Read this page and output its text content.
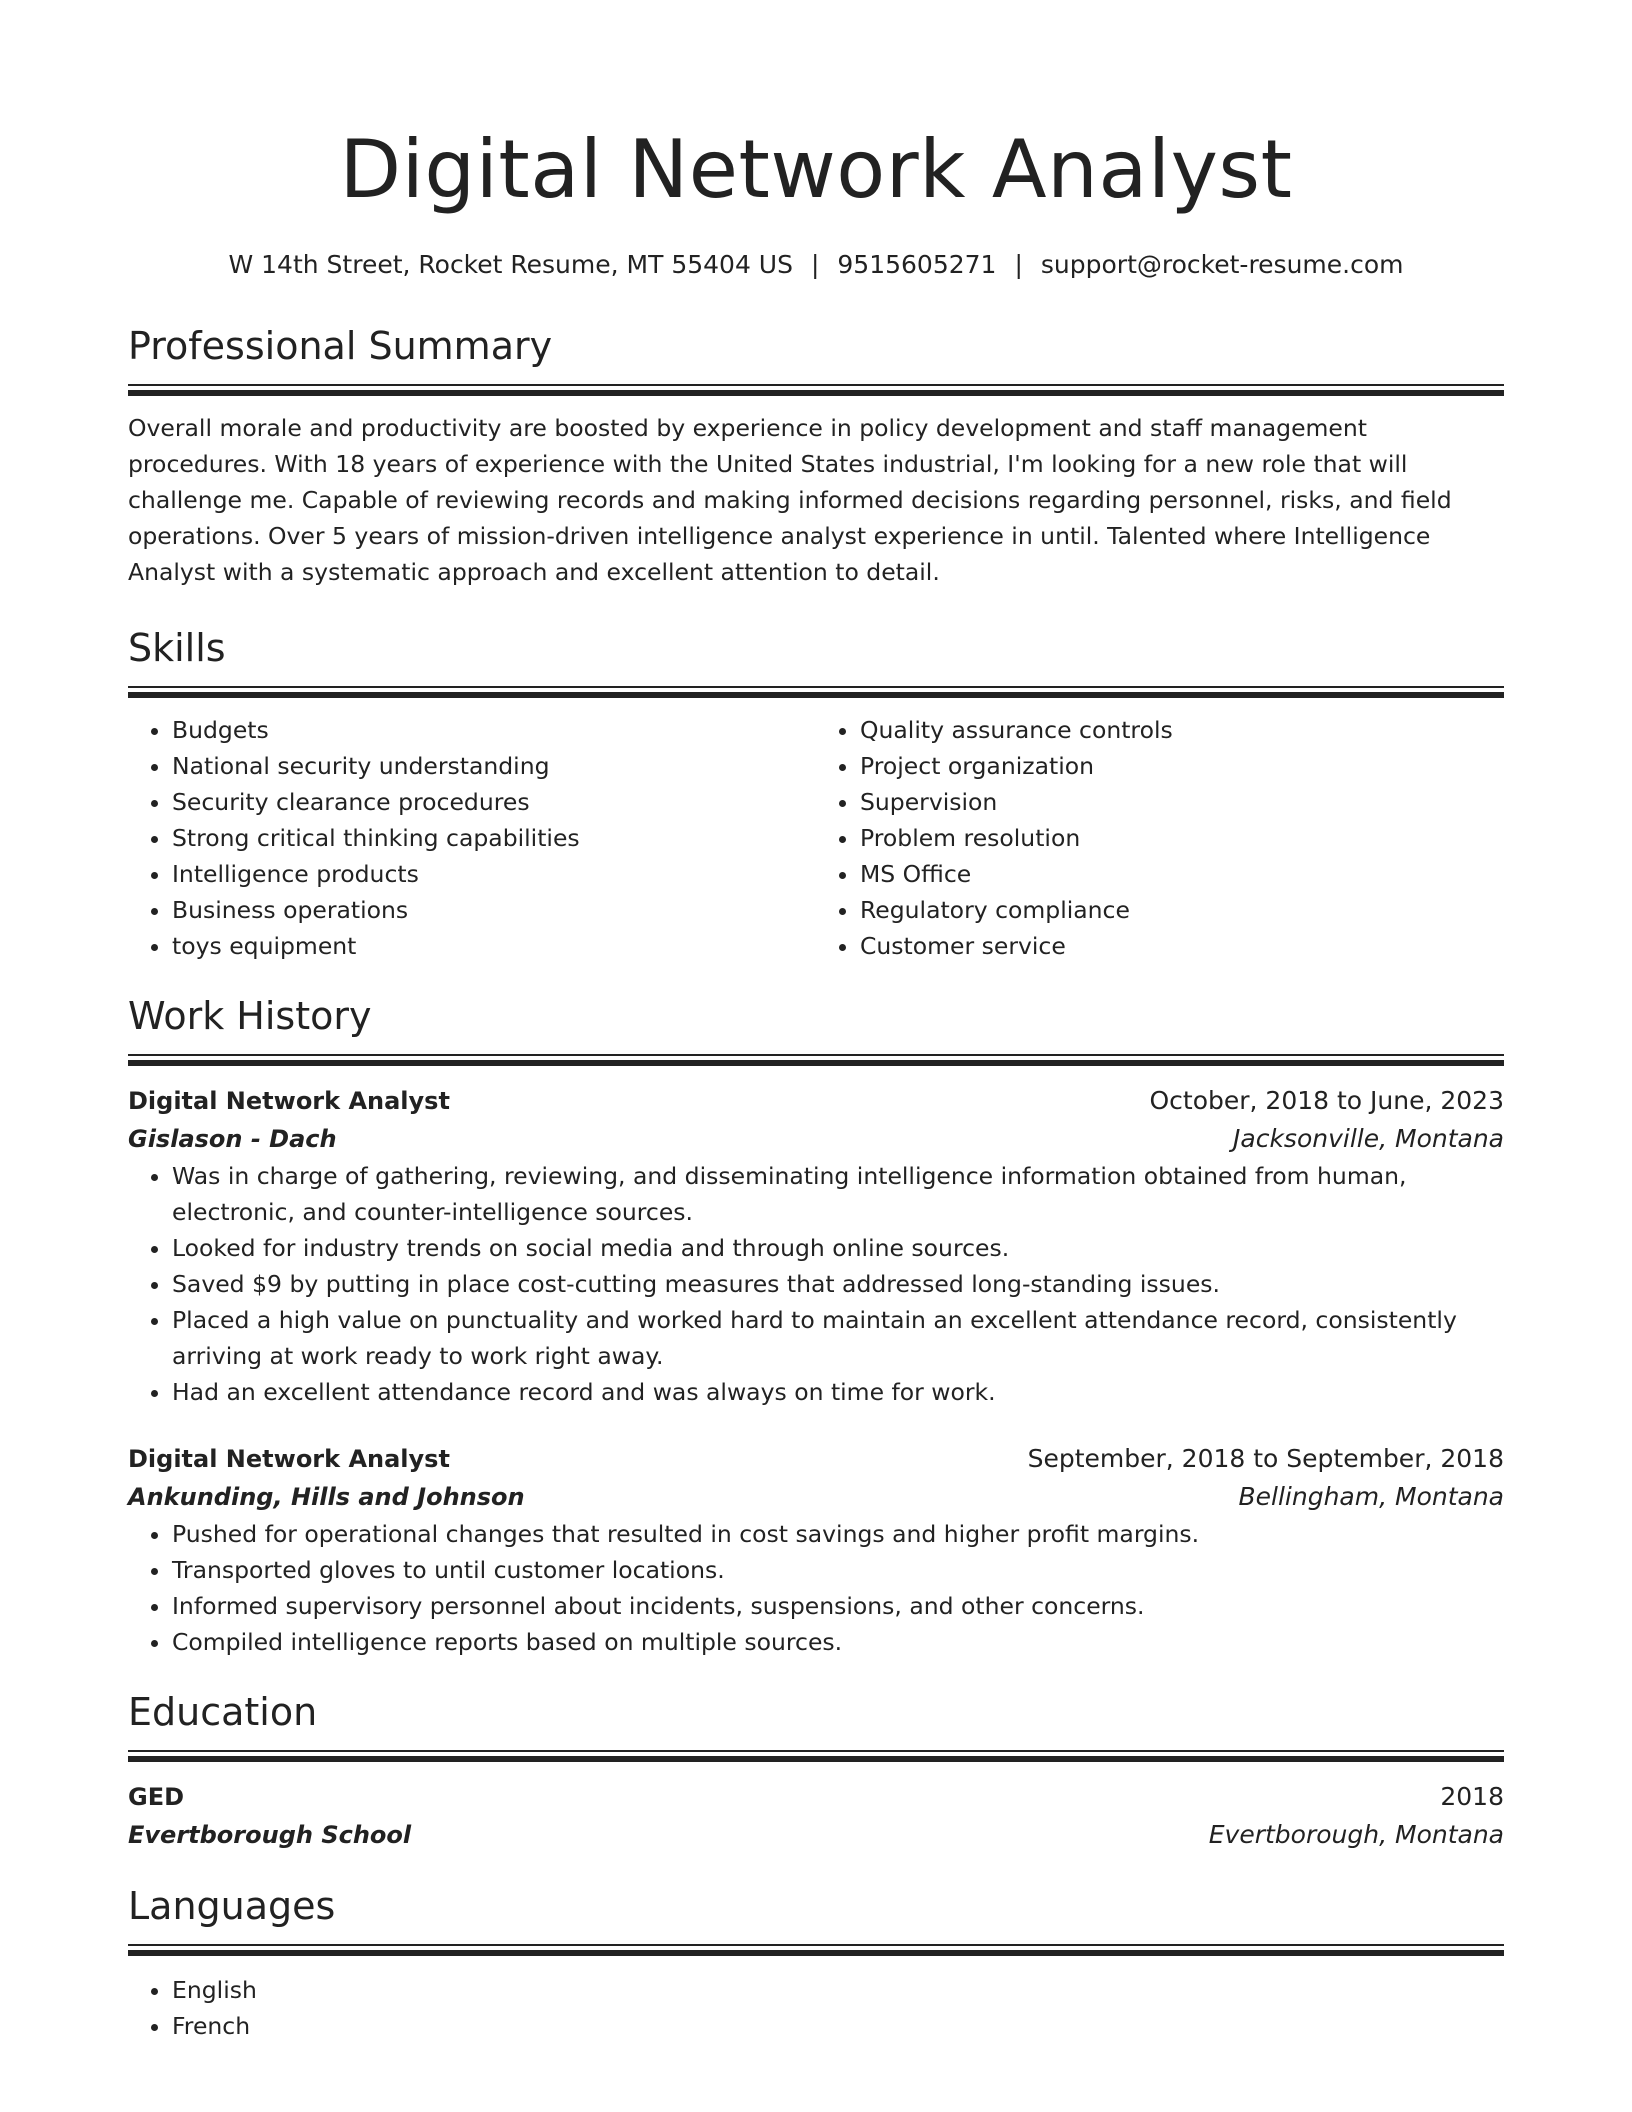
Digital Network Analyst
W 14th Street, Rocket Resume, MT 55404 US | 9515605271 | support@rocket-resume.com
Professional Summary
Overall morale and productivity are boosted by experience in policy development and staff management procedures. With 18 years of experience with the United States industrial, I'm looking for a new role that will challenge me. Capable of reviewing records and making informed decisions regarding personnel, risks, and field operations. Over 5 years of mission-driven intelligence analyst experience in until. Talented where Intelligence Analyst with a systematic approach and excellent attention to detail.
Skills
• Budgets
• National security understanding
• Security clearance procedures
• Strong critical thinking capabilities
• Intelligence products
• Business operations
• toys equipment
• Quality assurance controls
• Project organization
• Supervision
• Problem resolution
• MS Office
• Regulatory compliance
• Customer service
Work History
Digital Network Analyst	October, 2018 to June, 2023
Gislason - Dach	Jacksonville, Montana
• Was in charge of gathering, reviewing, and disseminating intelligence information obtained from human, electronic, and counter-intelligence sources.
• Looked for industry trends on social media and through online sources.
• Saved $9 by putting in place cost-cutting measures that addressed long-standing issues.
• Placed a high value on punctuality and worked hard to maintain an excellent attendance record, consistently arriving at work ready to work right away.
• Had an excellent attendance record and was always on time for work.
Digital Network Analyst	September, 2018 to September, 2018
Ankunding, Hills and Johnson	Bellingham, Montana
• Pushed for operational changes that resulted in cost savings and higher profit margins.
• Transported gloves to until customer locations.
• Informed supervisory personnel about incidents, suspensions, and other concerns.
• Compiled intelligence reports based on multiple sources.
Education
GED	2018
Evertborough School	Evertborough, Montana
Languages
• English
• French
